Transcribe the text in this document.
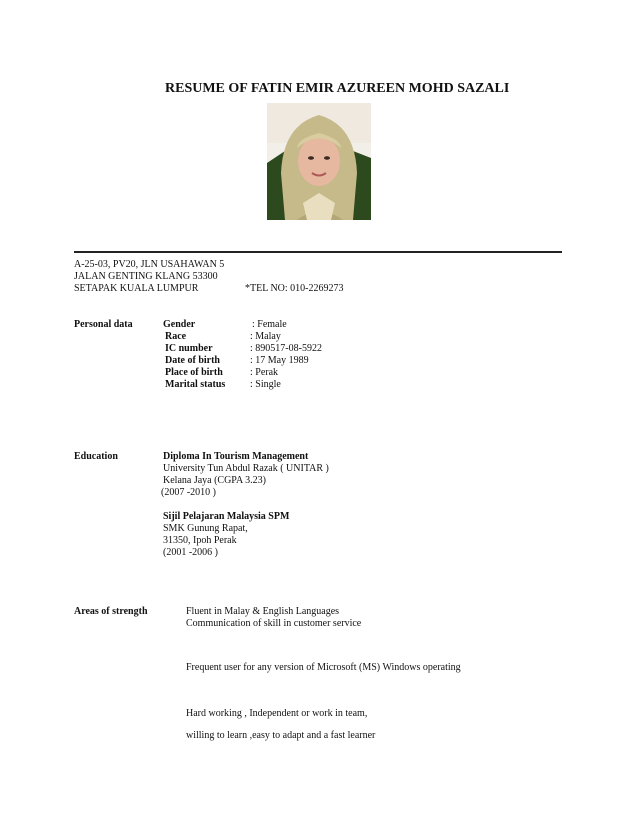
RESUME OF FATIN EMIR AZUREEN MOHD SAZALI
A-25-03, PV20, JLN USAHAWAN 5
JALAN GENTING KLANG 53300
SETAPAK KUALA LUMPUR	*TEL NO: 010-2269273
Personal data	Gender	: Female
Race	: Malay
IC number	: 890517-08-5922
Date of birth	: 17 May 1989
Place of birth	: Perak
Marital status : Single
Education	Diploma In Tourism Management
University Tun Abdul Razak ( UNITAR )
Kelana Jaya (CGPA 3.23)
(2007 -2010 )
Sijil Pelajaran Malaysia SPM
SMK Gunung Rapat,
31350, Ipoh Perak
(2001 -2006 )
Areas of strength	Fluent in Malay & English Languages
Communication of skill in customer service
Frequent user for any version of Microsoft (MS) Windows operating
Hard working , Independent or work in team,
willing to learn ,easy to adapt and a fast learner
